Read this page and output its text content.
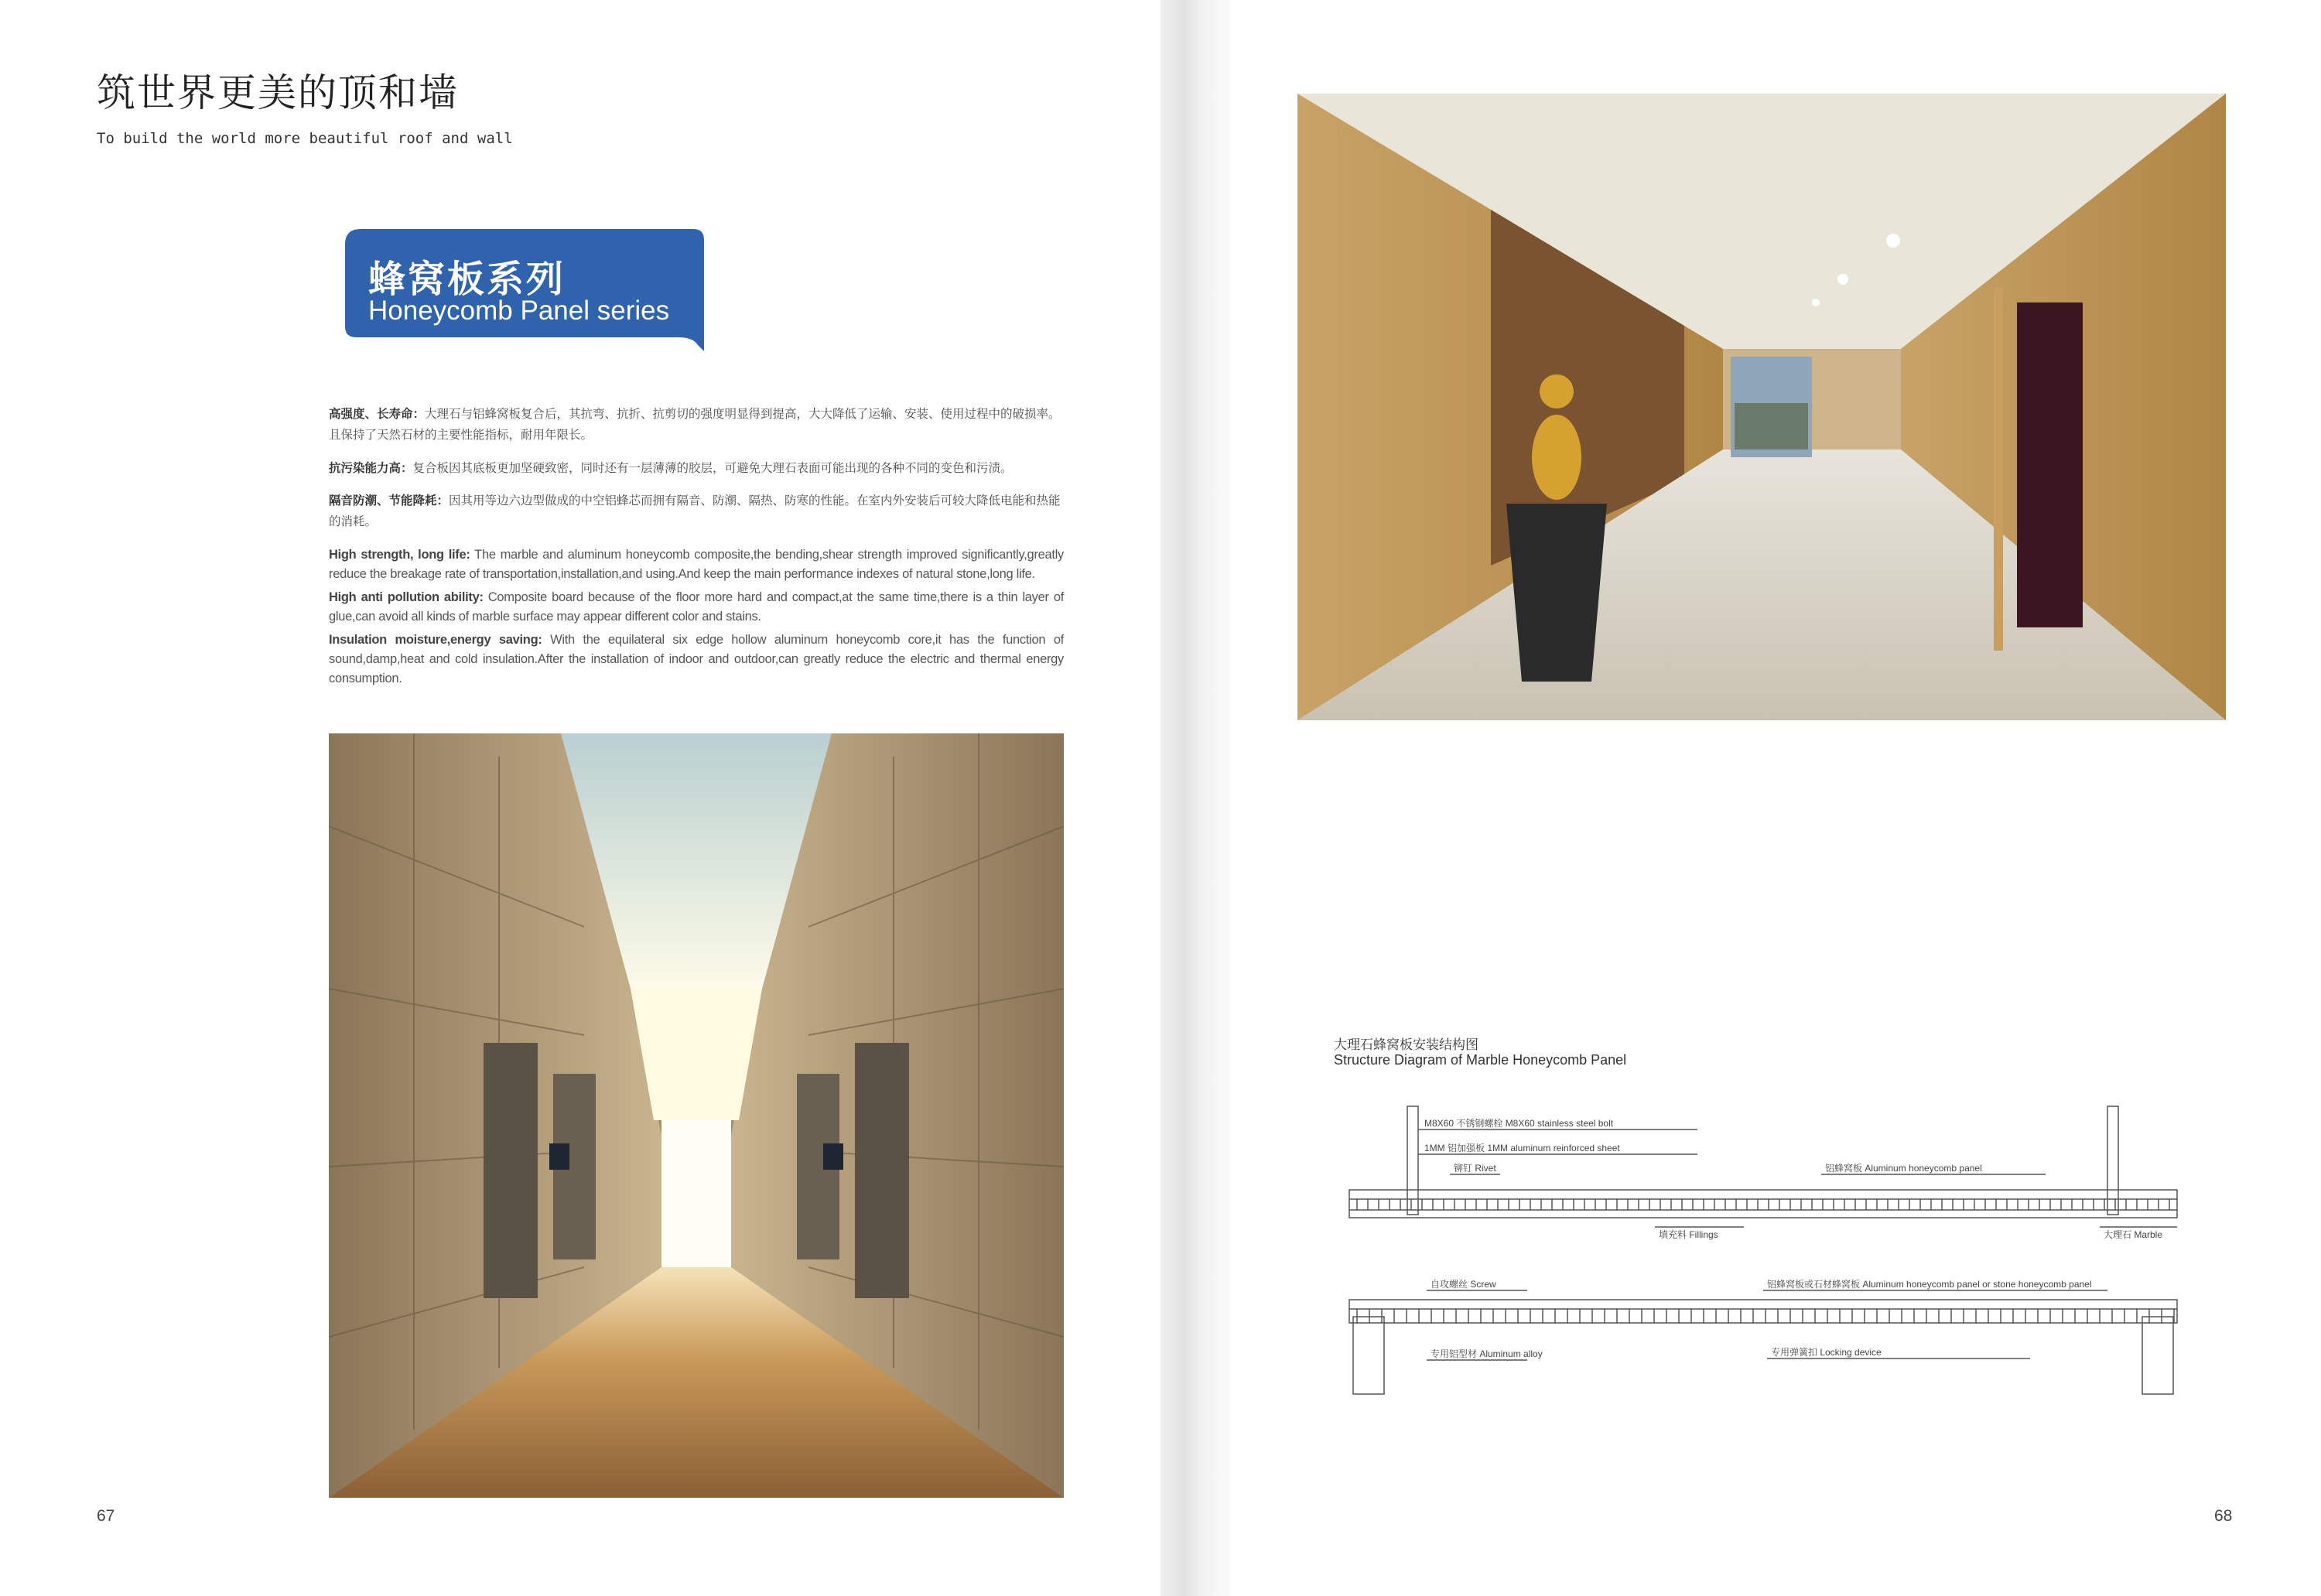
筑世界更美的顶和墙
To build the world more beautiful roof and wall
蜂窝板系列
Honeycomb Panel series
高强度、长寿命：大理石与铝蜂窝板复合后，其抗弯、抗折、抗剪切的强度明显得到提高，大大降低了运输、安装、使用过程中的破损率。且保持了天然石材的主要性能指标，耐用年限长。
抗污染能力高：复合板因其底板更加坚硬致密，同时还有一层薄薄的胶层，可避免大理石表面可能出现的各种不同的变色和污渍。
隔音防潮、节能降耗：因其用等边六边型做成的中空铝蜂芯而拥有隔音、防潮、隔热、防寒的性能。在室内外安装后可较大降低电能和热能的消耗。
High strength, long life: The marble and aluminum honeycomb composite,the bending,shear strength improved significantly,greatly reduce the breakage rate of transportation,installation,and using.And keep the main performance indexes of natural stone,long life.
High anti pollution ability: Composite board because of the floor more hard and compact,at the same time,there is a thin layer of glue,can avoid all kinds of marble surface may appear different color and stains.
Insulation moisture,energy saving: With the equilateral six edge hollow aluminum honeycomb core,it has the function of sound,damp,heat and cold insulation.After the installation of indoor and outdoor,can greatly reduce the electric and thermal energy consumption.
67
大理石蜂窝板安装结构图
Structure Diagram of Marble Honeycomb Panel
M8X60 不锈钢螺栓 M8X60 stainless steel bolt
1MM 铝加强板 1MM aluminum reinforced sheet
铆钉 Rivet	铝蜂窝板 Aluminum honeycomb panel
填充料 Fillings	大理石 Marble
自攻螺丝 Screw	铝蜂窝板或石材蜂窝板 Aluminum honeycomb panel or stone honeycomb panel
专用铝型材 Aluminum alloy	专用弹簧扣 Locking device
68
